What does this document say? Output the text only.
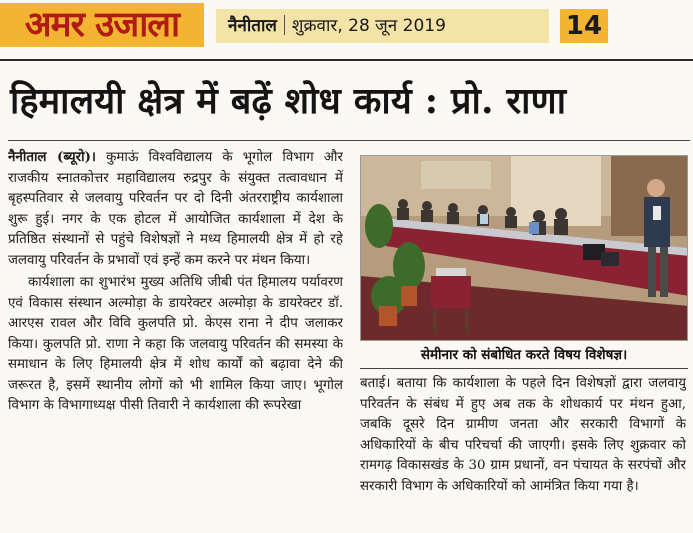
अमर उजाला	नैनीताल शुक्रवार, 28 जून 2019	14
हिमालयी क्षेत्र में बढ़ें शोध कार्य : प्रो. राणा

नैनीताल (ब्यूरो)। कुमाऊं विश्वविद्यालय के भूगोल विभाग और राजकीय स्नातकोत्तर महाविद्यालय रुद्रपुर के संयुक्त तत्वावधान में बृहस्पतिवार से जलवायु परिवर्तन पर दो दिनी अंतरराष्ट्रीय कार्यशाला शुरू हुई। नगर के एक होटल में आयोजित कार्यशाला में देश के प्रतिष्ठित संस्थानों से पहुंचे विशेषज्ञों ने मध्य हिमालयी क्षेत्र में हो रहे जलवायु परिवर्तन के प्रभावों एवं इन्हें कम करने पर मंथन किया।

कार्यशाला का शुभारंभ मुख्य अतिथि जीबी पंत हिमालय पर्यावरण एवं विकास संस्थान अल्मोड़ा के डायरेक्टर अल्मोड़ा के डायरेक्टर डॉ. आरएस रावल और विवि कुलपति प्रो. केएस राना ने दीप जलाकर किया। कुलपति प्रो. राणा ने कहा कि जलवायु परिवर्तन की समस्या के समाधान के लिए हिमालयी क्षेत्र में शोध कार्यों को बढ़ावा देने की जरूरत है, इसमें स्थानीय लोगों को भी शामिल किया जाए। भूगोल विभाग के विभागाध्यक्ष पीसी तिवारी ने कार्यशाला की रूपरेखा

सेमीनार को संबोधित करते विषय विशेषज्ञ।

बताई। बताया कि कार्यशाला के पहले दिन विशेषज्ञों द्वारा जलवायु परिवर्तन के संबंध में हुए अब तक के शोधकार्य पर मंथन हुआ, जबकि दूसरे दिन ग्रामीण जनता और सरकारी विभागों के अधिकारियों के बीच परिचर्चा की जाएगी। इसके लिए शुक्रवार को रामगढ़ विकासखंड के 30 ग्राम प्रधानों, वन पंचायत के सरपंचों और सरकारी विभाग के अधिकारियों को आमंत्रित किया गया है।
